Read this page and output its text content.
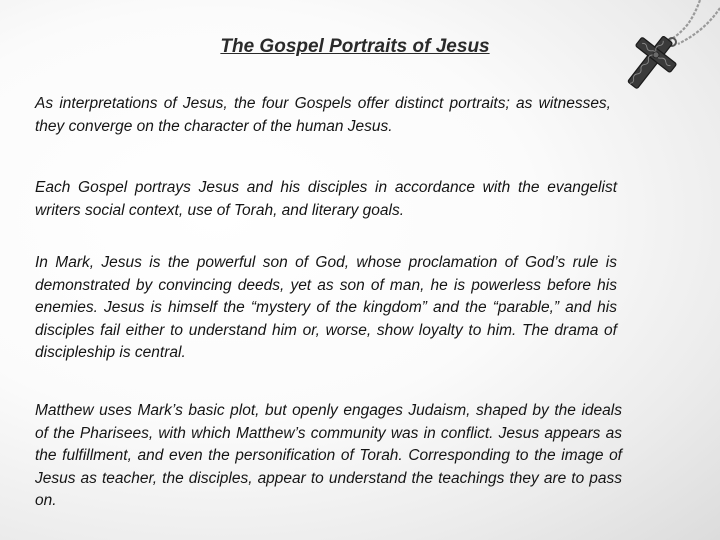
The Gospel Portraits of Jesus

As interpretations of Jesus, the four Gospels offer distinct portraits; as witnesses, they converge on the character of the human Jesus.

Each Gospel portrays Jesus and his disciples in accordance with the evangelist writers social context, use of Torah, and literary goals.

In Mark, Jesus is the powerful son of God, whose proclamation of God’s rule is demonstrated by convincing deeds, yet as son of man, he is powerless before his enemies. Jesus is himself the “mystery of the kingdom” and the “parable,” and his disciples fail either to understand him or, worse, show loyalty to him. The drama of discipleship is central.

Matthew uses Mark’s basic plot, but openly engages Judaism, shaped by the ideals of the Pharisees, with which Matthew’s community was in conflict. Jesus appears as the fulfillment, and even the personification of Torah. Corresponding to the image of Jesus as teacher, the disciples, appear to understand the teachings they are to pass on.
